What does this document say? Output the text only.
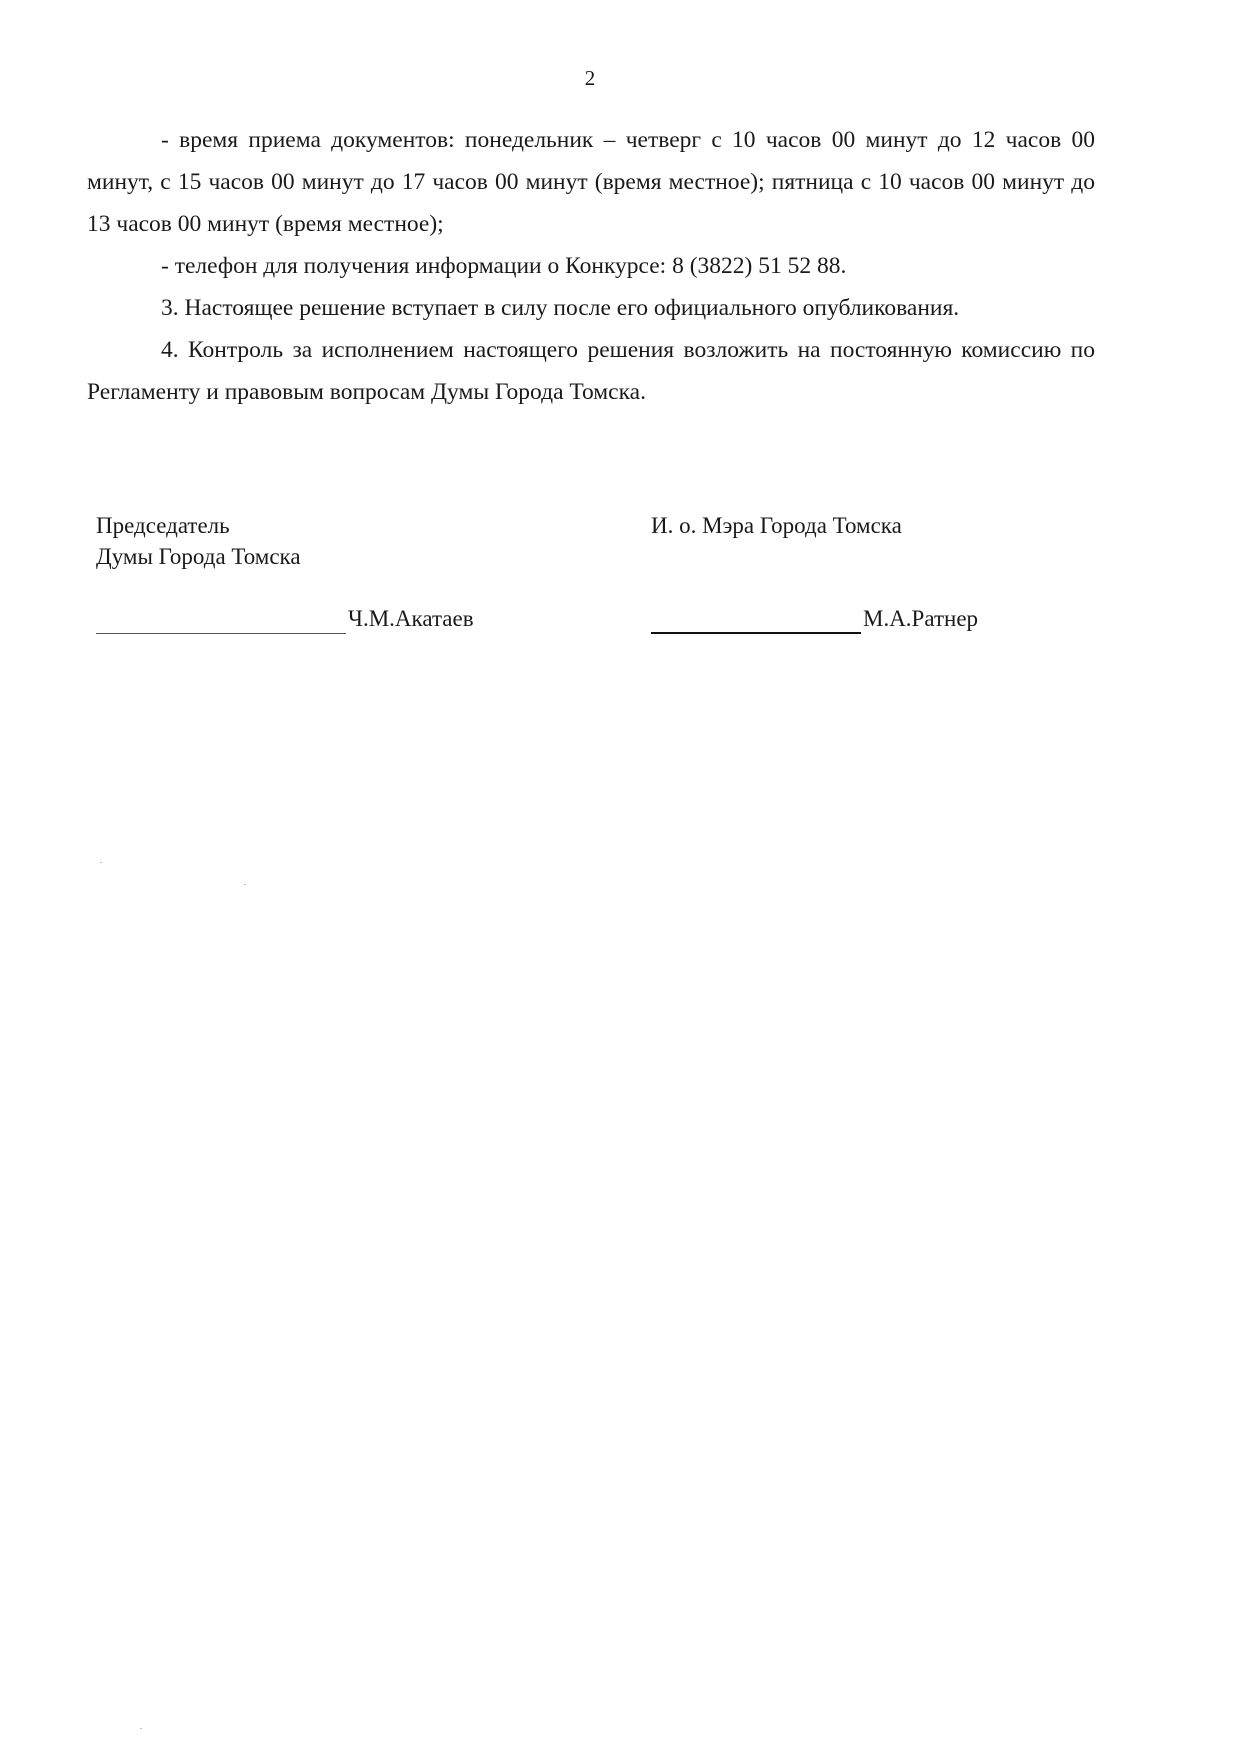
2

- время приема документов: понедельник – четверг с 10 часов 00 минут до 12 часов 00 минут, с 15 часов 00 минут до 17 часов 00 минут (время местное); пятница с 10 часов 00 минут до 13 часов 00 минут (время местное);

- телефон для получения информации о Конкурсе: 8 (3822) 51 52 88.

3. Настоящее решение вступает в силу после его официального опубликования.

4. Контроль за исполнением настоящего решения возложить на постоянную комиссию по Регламенту и правовым вопросам Думы Города Томска.

Председатель
Думы Города Томска
И. о. Мэра Города Томска
Ч.М.Акатаев	М.А.Ратнер
